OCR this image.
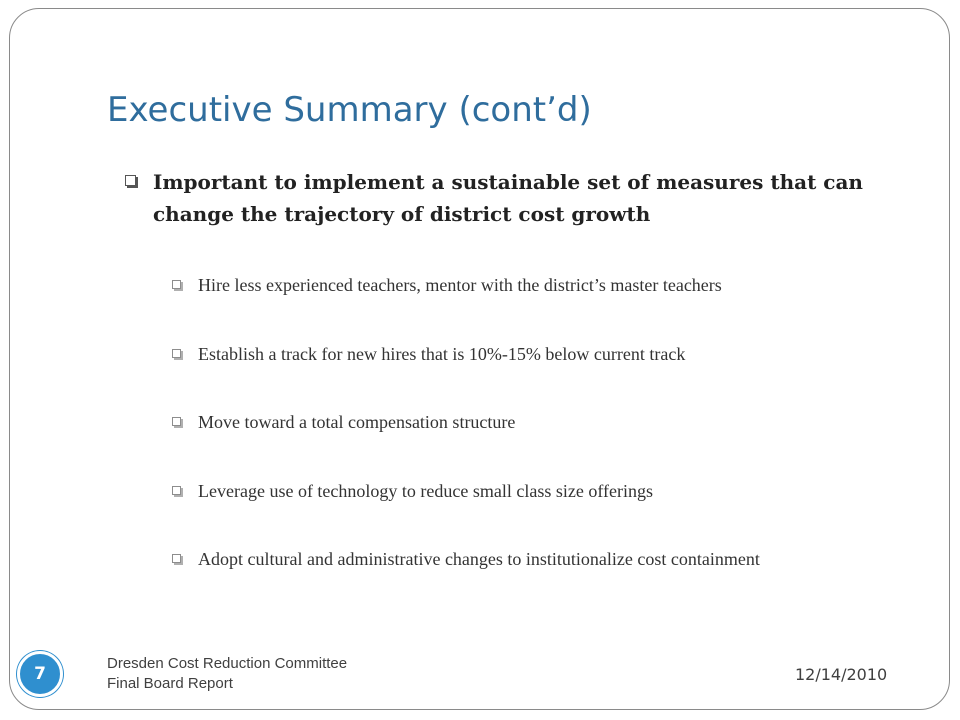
Executive Summary (cont’d)
Important to implement a sustainable set of measures that can change the trajectory of district cost growth
Hire less experienced teachers, mentor with the district’s master teachers
Establish a track for new hires that is 10%-15% below current track
Move toward a total compensation structure
Leverage use of technology to reduce small class size offerings
Adopt cultural and administrative changes to institutionalize cost containment
7
Dresden Cost Reduction Committee
Final Board Report	12/14/2010
